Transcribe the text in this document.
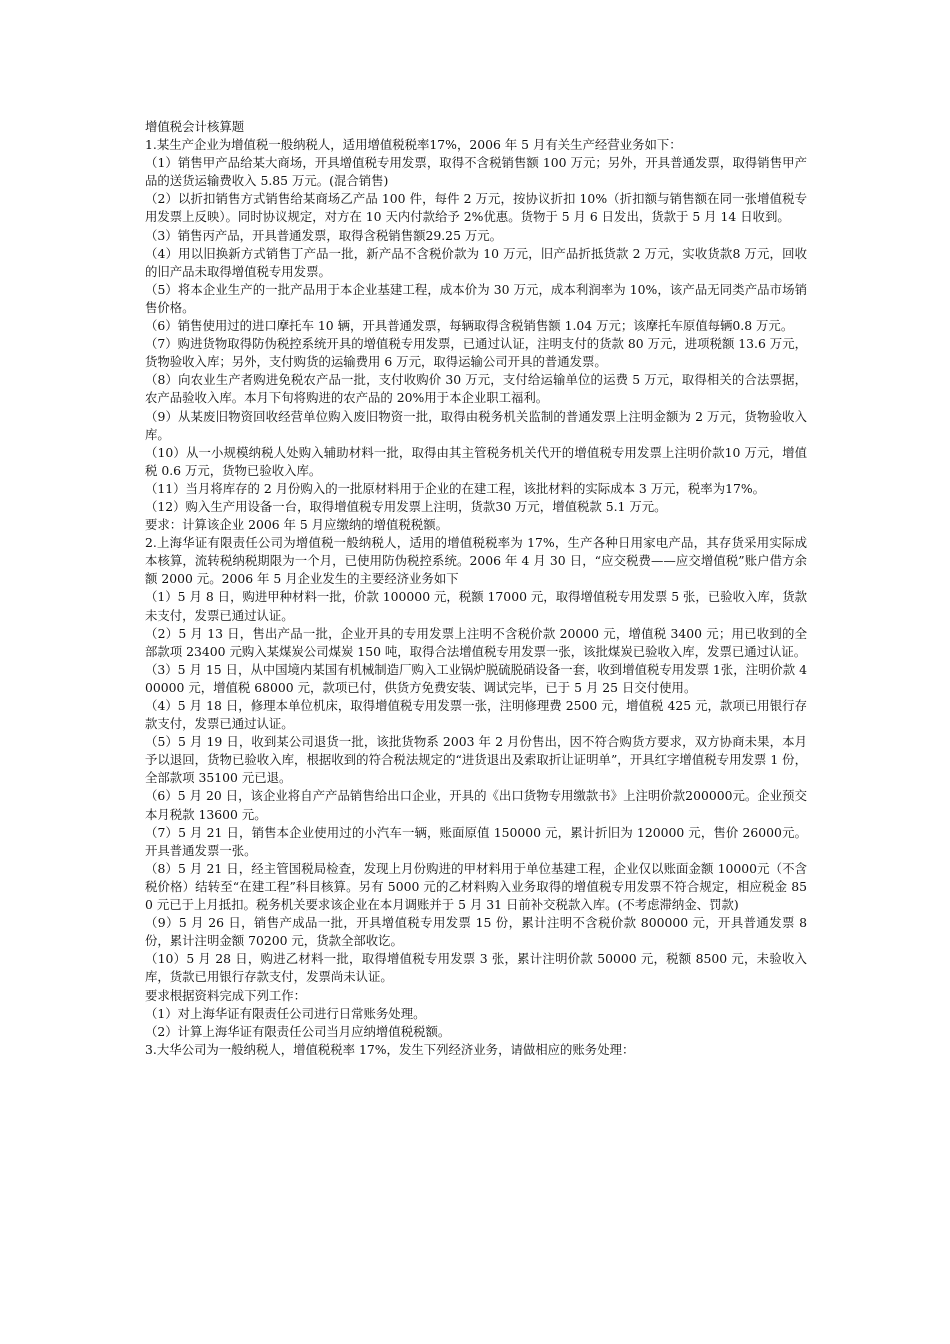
增值税会计核算题

1.某生产企业为增值税一般纳税人，适用增值税税率17%，2006 年 5 月有关生产经营业务如下：

（1）销售甲产品给某大商场，开具增值税专用发票，取得不含税销售额 100 万元；另外，开具普通发票，取得销售甲产品的送货运输费收入 5.85 万元。(混合销售)

（2）以折扣销售方式销售给某商场乙产品 100 件，每件 2 万元，按协议折扣 10%（折扣额与销售额在同一张增值税专用发票上反映）。同时协议规定，对方在 10 天内付款给予 2%优惠。货物于 5 月 6 日发出，货款于 5 月 14 日收到。

（3）销售丙产品，开具普通发票，取得含税销售额29.25 万元。

（4）用以旧换新方式销售丁产品一批，新产品不含税价款为 10 万元，旧产品折抵货款 2 万元，实收货款8 万元，回收的旧产品未取得增值税专用发票。

（5）将本企业生产的一批产品用于本企业基建工程，成本价为 30 万元，成本利润率为 10%，该产品无同类产品市场销售价格。

（6）销售使用过的进口摩托车 10 辆，开具普通发票，每辆取得含税销售额 1.04 万元；该摩托车原值每辆0.8 万元。

（7）购进货物取得防伪税控系统开具的增值税专用发票，已通过认证，注明支付的货款 80 万元，进项税额 13.6 万元，货物验收入库；另外，支付购货的运输费用 6 万元，取得运输公司开具的普通发票。

（8）向农业生产者购进免税农产品一批，支付收购价 30 万元，支付给运输单位的运费 5 万元，取得相关的合法票据，农产品验收入库。本月下旬将购进的农产品的 20%用于本企业职工福利。

（9）从某废旧物资回收经营单位购入废旧物资一批，取得由税务机关监制的普通发票上注明金额为 2 万元，货物验收入库。

（10）从一小规模纳税人处购入辅助材料一批，取得由其主管税务机关代开的增值税专用发票上注明价款10 万元，增值税 0.6 万元，货物已验收入库。

（11）当月将库存的 2 月份购入的一批原材料用于企业的在建工程，该批材料的实际成本 3 万元，税率为17%。

（12）购入生产用设备一台，取得增值税专用发票上注明，货款30 万元，增值税款 5.1 万元。

要求：计算该企业 2006 年 5 月应缴纳的增值税税额。

2.上海华证有限责任公司为增值税一般纳税人，适用的增值税税率为 17%，生产各种日用家电产品，其存货采用实际成本核算，流转税纳税期限为一个月，已使用防伪税控系统。2006 年 4 月 30 日，“应交税费——应交增值税”账户借方余额 2000 元。2006 年 5 月企业发生的主要经济业务如下

（1）5 月 8 日，购进甲种材料一批，价款 100000 元，税额 17000 元，取得增值税专用发票 5 张，已验收入库，货款未支付，发票已通过认证。

（2）5 月 13 日，售出产品一批，企业开具的专用发票上注明不含税价款 20000 元，增值税 3400 元；用已收到的全部款项 23400 元购入某煤炭公司煤炭 150 吨，取得合法增值税专用发票一张，该批煤炭已验收入库，发票已通过认证。

（3）5 月 15 日，从中国境内某国有机械制造厂购入工业锅炉脱硫脱硝设备一套，收到增值税专用发票 1张，注明价款 400000 元，增值税 68000 元，款项已付，供货方免费安装、调试完毕，已于 5 月 25 日交付使用。

（4）5 月 18 日，修理本单位机床，取得增值税专用发票一张，注明修理费 2500 元，增值税 425 元，款项已用银行存款支付，发票已通过认证。

（5）5 月 19 日，收到某公司退货一批，该批货物系 2003 年 2 月份售出，因不符合购货方要求，双方协商未果，本月予以退回，货物已验收入库，根据收到的符合税法规定的“进货退出及索取折让证明单”，开具红字增值税专用发票 1 份，全部款项 35100 元已退。

（6）5 月 20 日，该企业将自产产品销售给出口企业，开具的《出口货物专用缴款书》上注明价款200000元。企业预交本月税款 13600 元。

（7）5 月 21 日，销售本企业使用过的小汽车一辆，账面原值 150000 元，累计折旧为 120000 元，售价 26000元。开具普通发票一张。

（8）5 月 21 日，经主管国税局检查，发现上月份购进的甲材料用于单位基建工程，企业仅以账面金额 10000元（不含税价格）结转至“在建工程”科目核算。另有 5000 元的乙材料购入业务取得的增值税专用发票不符合规定，相应税金 850 元已于上月抵扣。税务机关要求该企业在本月调账并于 5 月 31 日前补交税款入库。(不考虑滞纳金、罚款)

（9）5 月 26 日，销售产成品一批，开具增值税专用发票 15 份，累计注明不含税价款 800000 元，开具普通发票 8 份，累计注明金额 70200 元，货款全部收讫。

（10）5 月 28 日，购进乙材料一批，取得增值税专用发票 3 张，累计注明价款 50000 元，税额 8500 元，未验收入库，货款已用银行存款支付，发票尚未认证。

要求根据资料完成下列工作：

（1）对上海华证有限责任公司进行日常账务处理。

（2）计算上海华证有限责任公司当月应纳增值税税额。

3.大华公司为一般纳税人，增值税税率 17%，发生下列经济业务，请做相应的账务处理：
